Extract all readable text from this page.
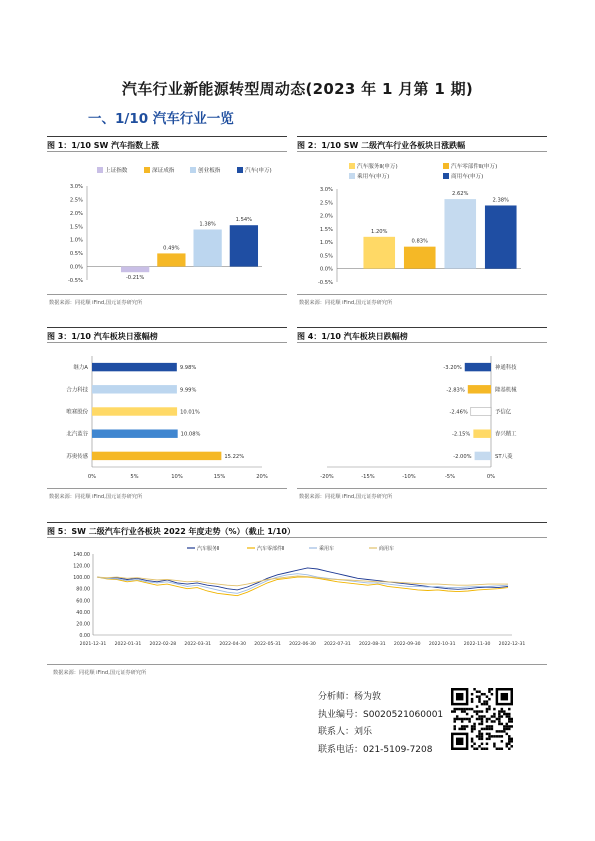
汽车行业新能源转型周动态(2023 年 1 月第 1 期)
一、1/10 汽车行业一览
图 1：1/10 SW 汽车指数上涨
上证指数	深证成指	创业板指	汽车(申万)
3.0%
2.5%
2.0%
1.5%
1.0%
0.5%
0.0%
-0.5%	-0.21%
0.49%
1.38%
1.54%
数据来源：同花顺 iFind,国元证券研究所
图 2：1/10 SW 二级汽车行业各板块日涨跌幅
汽车服务Ⅱ(申万)	汽车零部件Ⅱ(申万)
乘用车(申万)	商用车(申万)
3.0%
2.5%
2.0%
1.5%
1.0%
0.5%
0.0%
-0.5%
1.20%
0.83%
2.62%
2.38%
数据来源：同花顺 iFind,国元证券研究所
图 3：1/10 汽车板块日涨幅榜
0%	5%	10%	15%	20%
苏奥传感	15.22%
北汽蓝谷	10.08%
唯赛股份	10.01%
合力科技	9.99%
继力A	9.98%
数据来源：同花顺 iFind,国元证券研究所
图 4：1/10 汽车板块日跌幅榜
-20%	-15%	-10%	-5%	0%
ST八菱
-2.00%
春兴精工
-2.15%
予信亿
-2.46%
隆基机械
-2.83%
神通科技
-3.20%
数据来源：同花顺 iFind,国元证券研究所
图 5：SW 二级汽车行业各板块 2022 年度走势（%）（截止 1/10）
140.00
120.00
100.00
80.00
60.00
40.00
20.00
0.00
2021-12-31 2022-01-31 2022-02-28 2022-03-31 2022-04-30 2022-05-31 2022-06-30 2022-07-31 2022-08-31 2022-09-30 2022-10-31 2022-11-30 2022-12-31
汽车服务Ⅱ	汽车零部件Ⅱ	乘用车	商用车
数据来源：同花顺 iFind,国元证券研究所
分析师：杨为敦
执业编号：S0020521060001
联系人：刘乐
联系电话：021-5109-7208
